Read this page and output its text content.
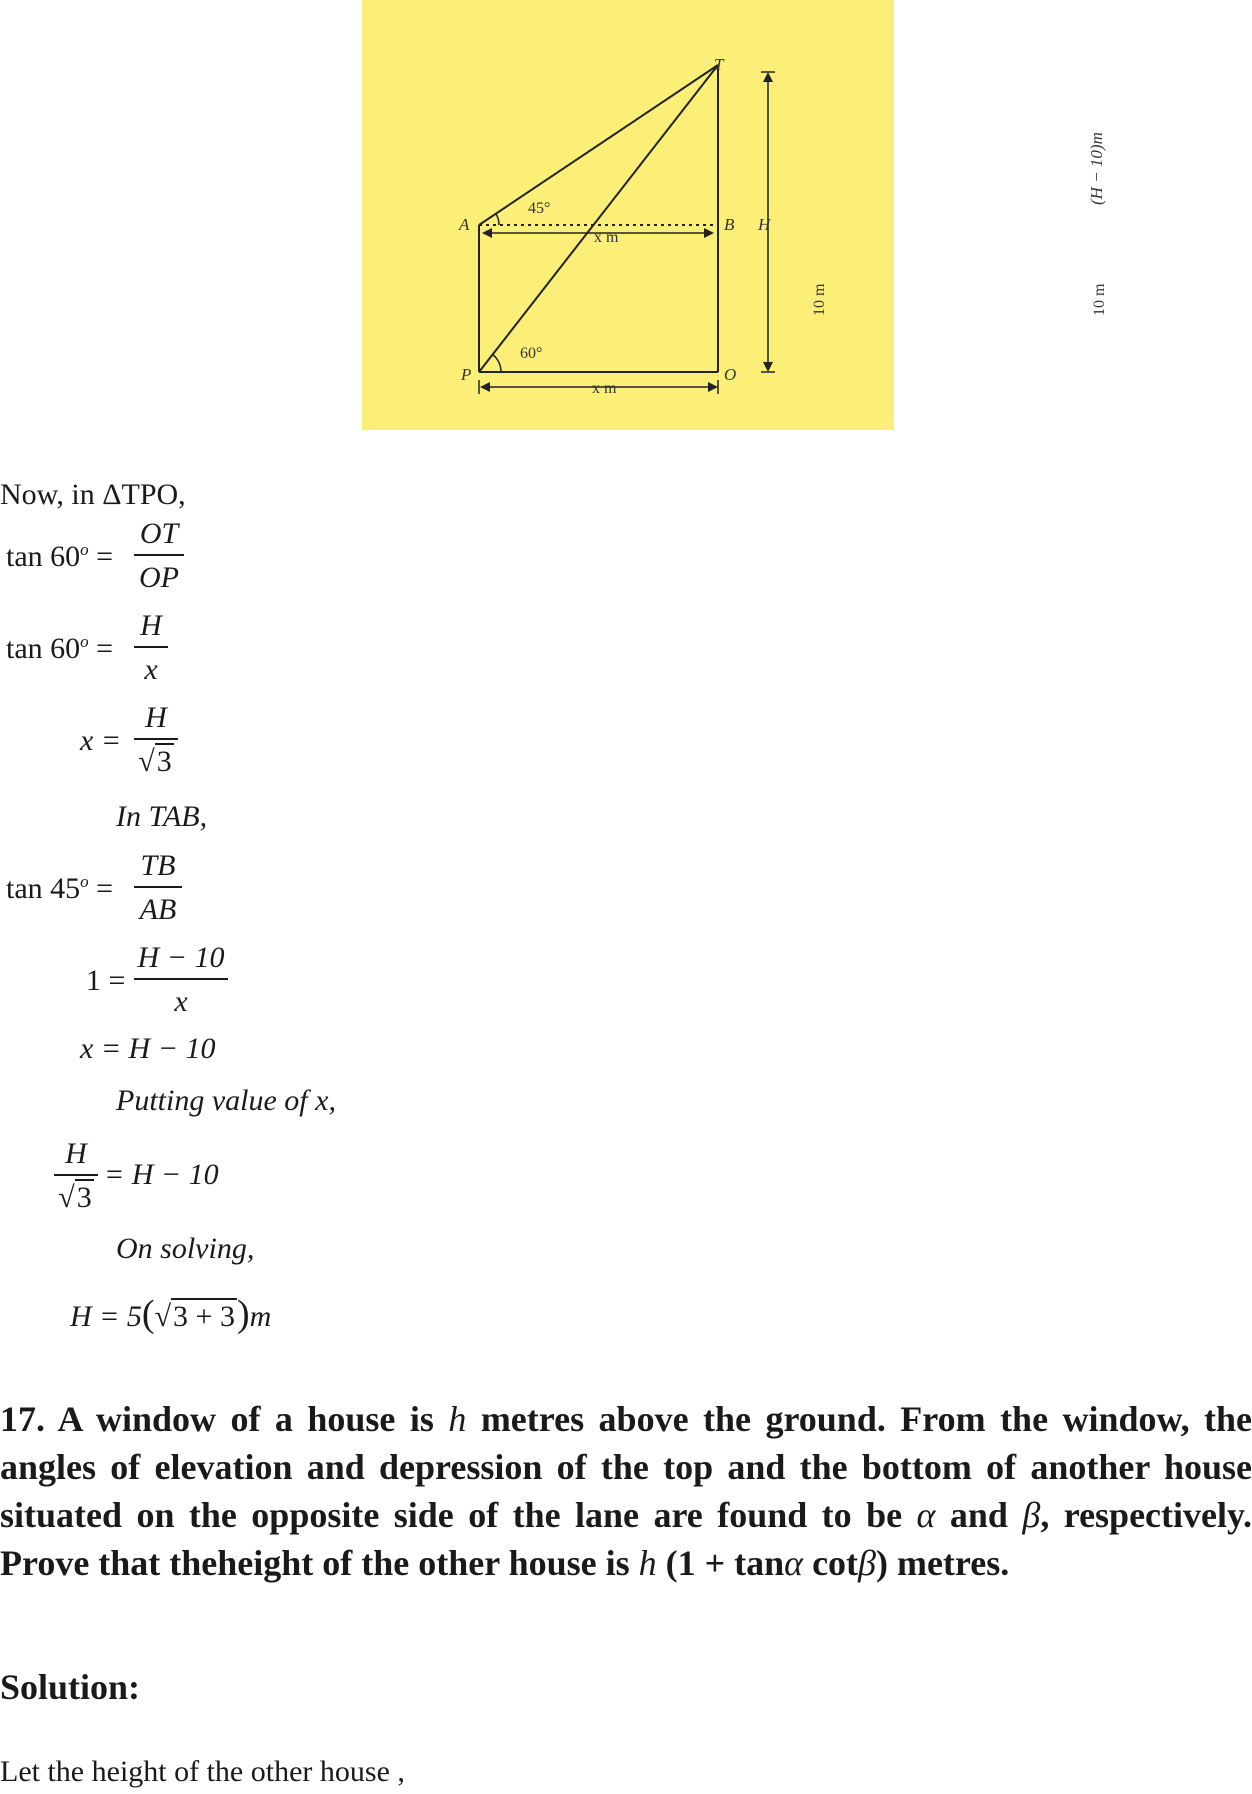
T
A	B
P	O
H
45°
60°
x m
x m
10 m	10 m
(H − 10)m
Now, in ΔTPO,
$\tan 60^o$ =
OT
OP
$\tan 60^o$ =
H
x
x =
H
√3
In TAB,
$\tan 45^o$ =
TB
AB
1 =
H − 10
x
x = H − 10
Putting value of x,
H
√3
= H − 10
On solving,
H = 5(√3 + 3)m
17. A window of a house is h metres above the ground. From the window, the angles of elevation and depression of the top and the bottom of another house situated on the opposite side of the lane are found to be α and β, respectively. Prove that theheight of the other house is h (1 + tanα cotβ) metres.
Solution:
Let the height of the other house ,
